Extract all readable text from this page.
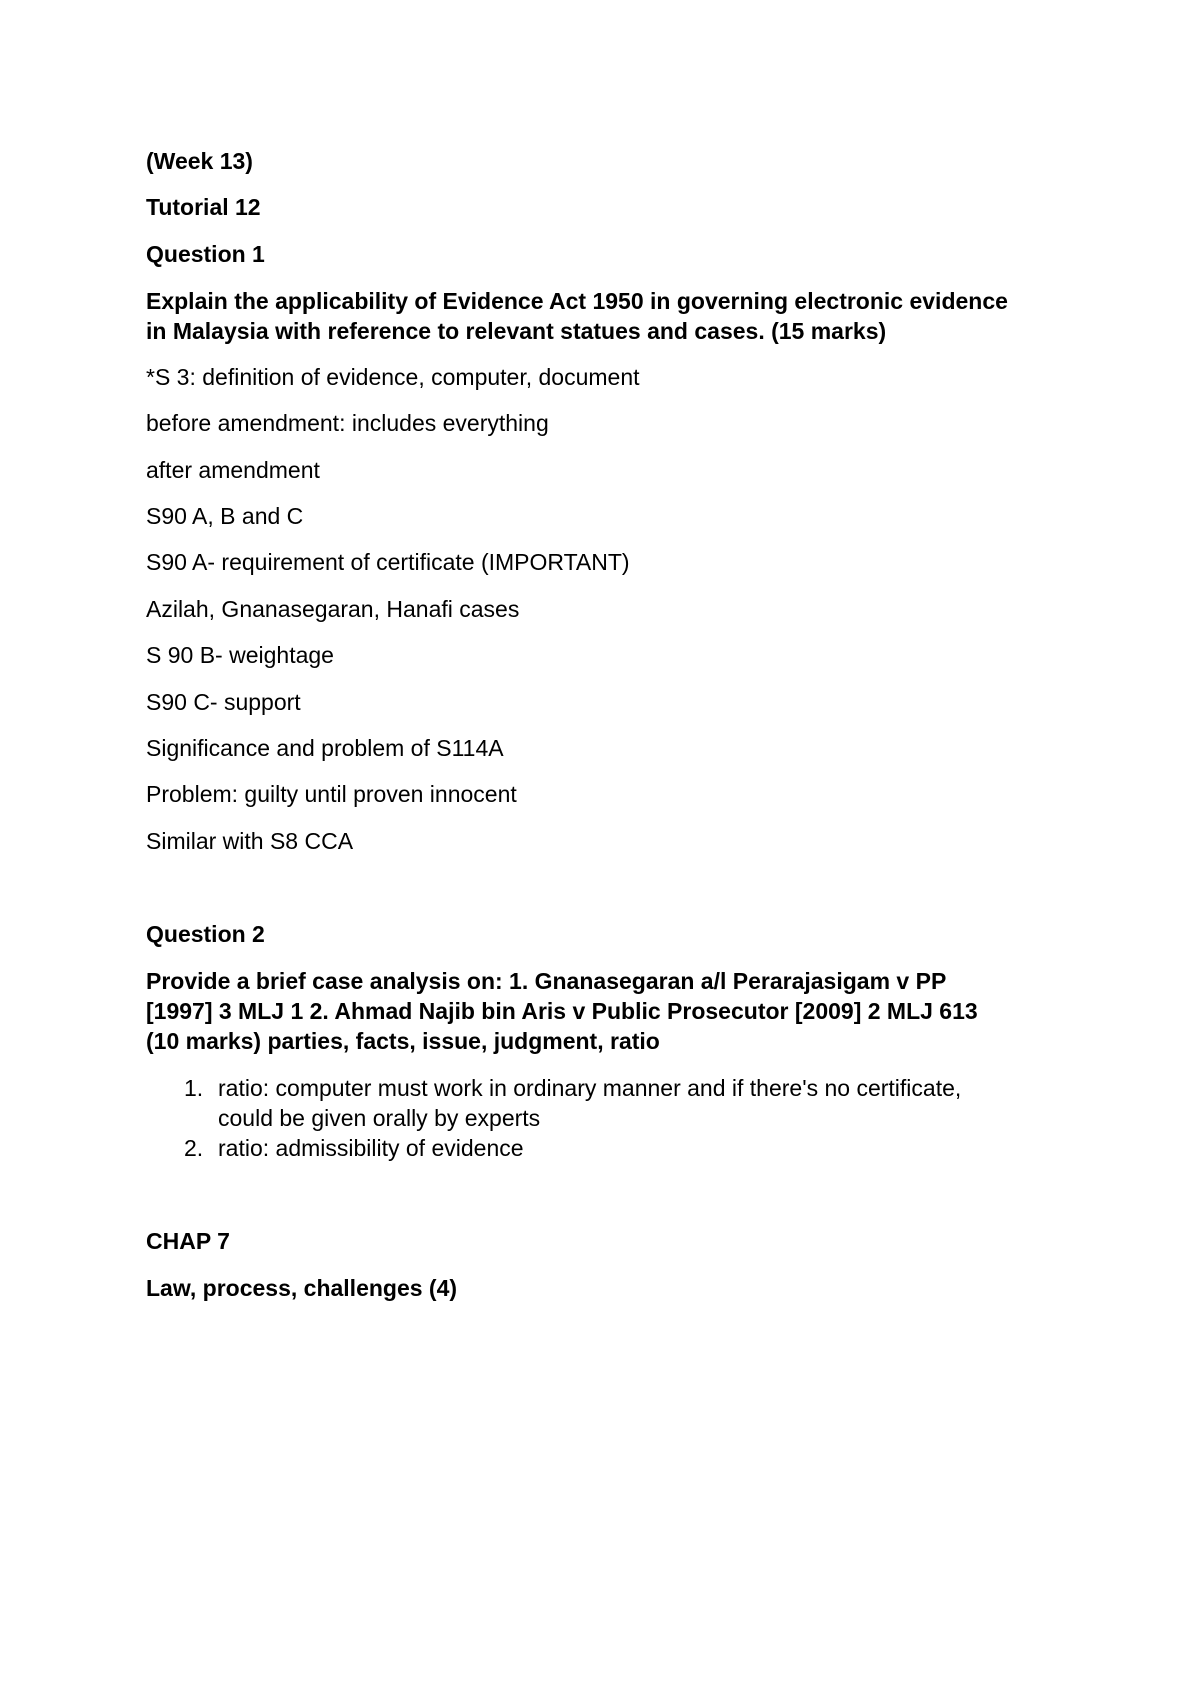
(Week 13)
Tutorial 12
Question 1
Explain the applicability of Evidence Act 1950 in governing electronic evidence
in Malaysia with reference to relevant statues and cases. (15 marks)
*S 3: definition of evidence, computer, document
before amendment: includes everything
after amendment
S90 A, B and C
S90 A- requirement of certificate (IMPORTANT)
Azilah, Gnanasegaran, Hanafi cases
S 90 B- weightage
S90 C- support
Significance and problem of S114A
Problem: guilty until proven innocent
Similar with S8 CCA
Question 2
Provide a brief case analysis on: 1. Gnanasegaran a/l Perarajasigam v PP
[1997] 3 MLJ 1 2. Ahmad Najib bin Aris v Public Prosecutor [2009] 2 MLJ 613
(10 marks) parties, facts, issue, judgment, ratio
1. ratio: computer must work in ordinary manner and if there's no certificate,
could be given orally by experts
2. ratio: admissibility of evidence
CHAP 7
Law, process, challenges (4)
